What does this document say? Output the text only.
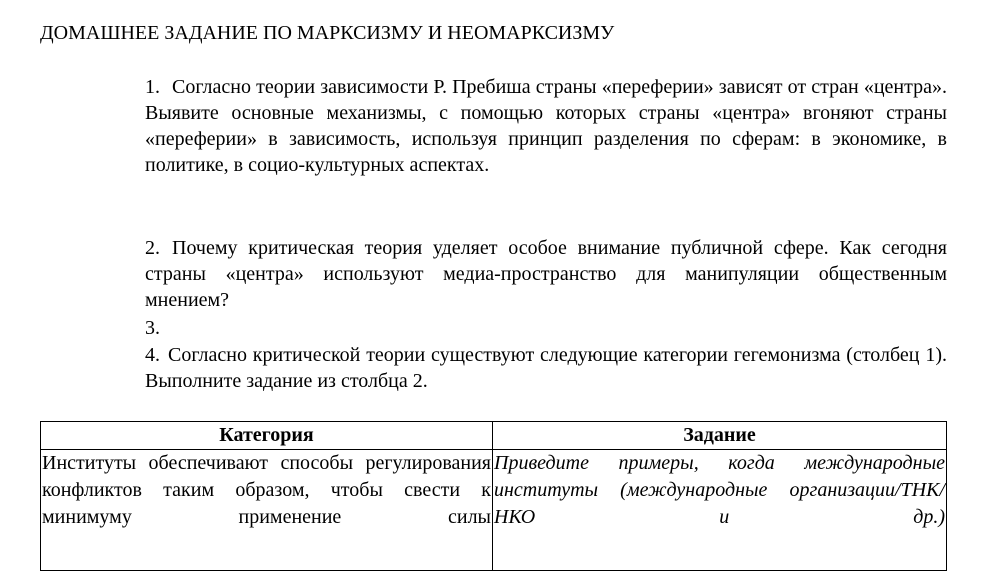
ДОМАШНЕЕ ЗАДАНИЕ ПО МАРКСИЗМУ И НЕОМАРКСИЗМУ
1. Согласно теории зависимости Р. Пребиша страны «переферии» зависят от стран «центра». Выявите основные механизмы, с помощью которых страны «центра» вгоняют страны «переферии» в зависимость, используя принцип разделения по сферам: в экономике, в политике, в социо-культурных аспектах.
2. Почему критическая теория уделяет особое внимание публичной сфере. Как сегодня страны «центра» используют медиа-пространство для манипуляции общественным мнением?
3.
4. Согласно критической теории существуют следующие категории гегемонизма (столбец 1). Выполните задание из столбца 2.
Категория	Задание
Институты обеспечивают способы регулирования конфликтов таким образом, чтобы свести к минимуму применение силы	Приведите примеры, когда международные институты (международные организации/ТНК/НКО и др.)
